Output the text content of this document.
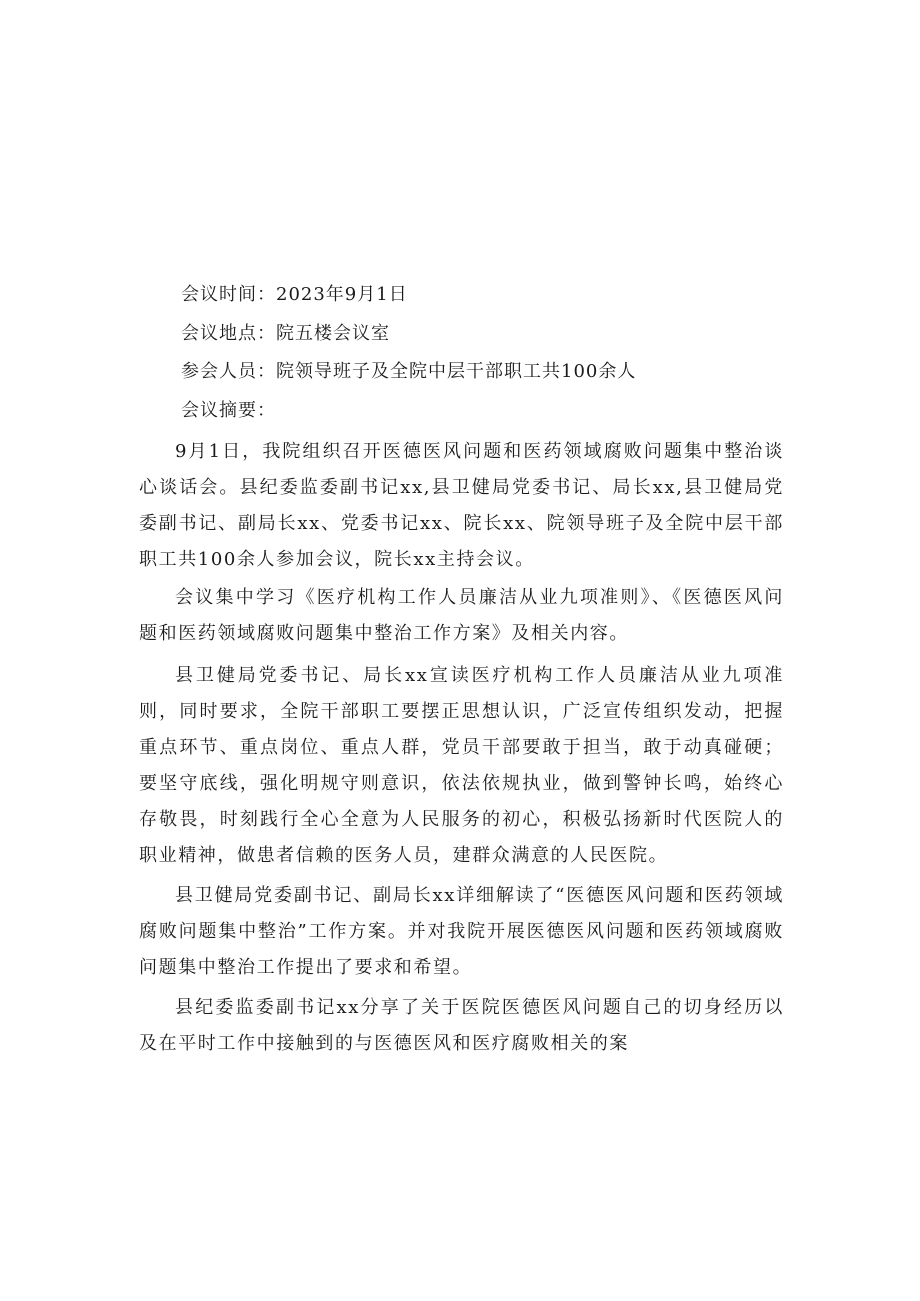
会议时间：2023年9月1日

会议地点：院五楼会议室

参会人员：院领导班子及全院中层干部职工共100余人

会议摘要：

9月1日，我院组织召开医德医风问题和医药领域腐败问题集中整治谈心谈话会。县纪委监委副书记xx,县卫健局党委书记、局长xx,县卫健局党委副书记、副局长xx、党委书记xx、院长xx、院领导班子及全院中层干部职工共100余人参加会议，院长xx主持会议。

会议集中学习《医疗机构工作人员廉洁从业九项准则》、《医德医风问题和医药领域腐败问题集中整治工作方案》及相关内容。

县卫健局党委书记、局长xx宣读医疗机构工作人员廉洁从业九项准则，同时要求，全院干部职工要摆正思想认识，广泛宣传组织发动，把握重点环节、重点岗位、重点人群，党员干部要敢于担当，敢于动真碰硬；要坚守底线，强化明规守则意识，依法依规执业，做到警钟长鸣，始终心存敬畏，时刻践行全心全意为人民服务的初心，积极弘扬新时代医院人的职业精神，做患者信赖的医务人员，建群众满意的人民医院。

县卫健局党委副书记、副局长xx详细解读了“医德医风问题和医药领域腐败问题集中整治”工作方案。并对我院开展医德医风问题和医药领域腐败问题集中整治工作提出了要求和希望。

县纪委监委副书记xx分享了关于医院医德医风问题自己的切身经历以及在平时工作中接触到的与医德医风和医疗腐败相关的案
